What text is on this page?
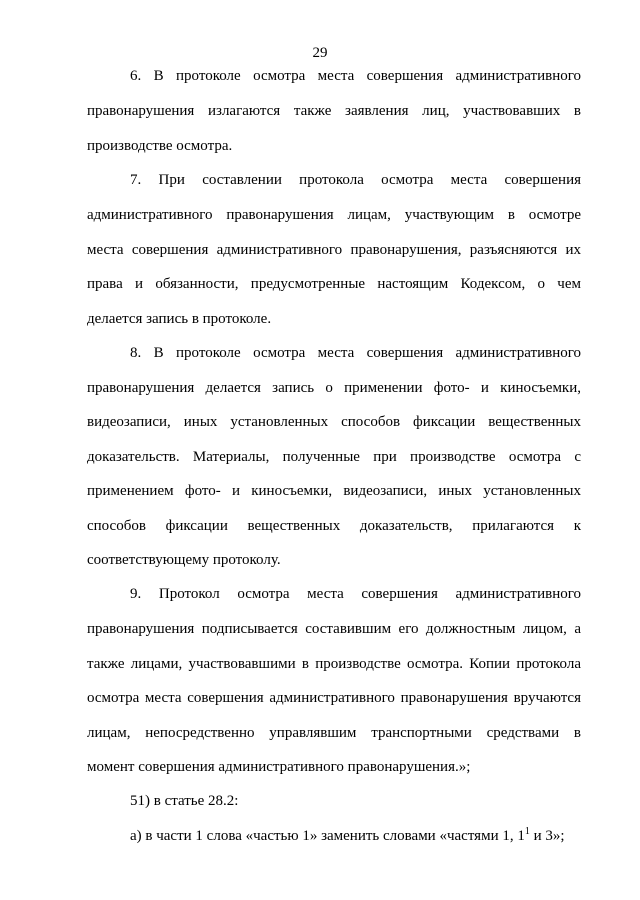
29
6. В протоколе осмотра места совершения административного
правонарушения излагаются также заявления лиц, участвовавших в
производстве осмотра.
7. При составлении протокола осмотра места совершения
административного правонарушения лицам, участвующим в осмотре
места совершения административного правонарушения, разъясняются их
права и обязанности, предусмотренные настоящим Кодексом, о чем
делается запись в протоколе.
8. В протоколе осмотра места совершения административного
правонарушения делается запись о применении фото- и киносъемки,
видеозаписи, иных установленных способов фиксации вещественных
доказательств. Материалы, полученные при производстве осмотра с
применением фото- и киносъемки, видеозаписи, иных установленных
способов фиксации вещественных доказательств, прилагаются к
соответствующему протоколу.
9. Протокол осмотра места совершения административного
правонарушения подписывается составившим его должностным лицом, а
также лицами, участвовавшими в производстве осмотра. Копии протокола
осмотра места совершения административного правонарушения вручаются
лицам, непосредственно управлявшим транспортными средствами в
момент совершения административного правонарушения.»;
51) в статье 28.2:
а) в части 1 слова «частью 1» заменить словами «частями 1, $1^1$ и 3»;
